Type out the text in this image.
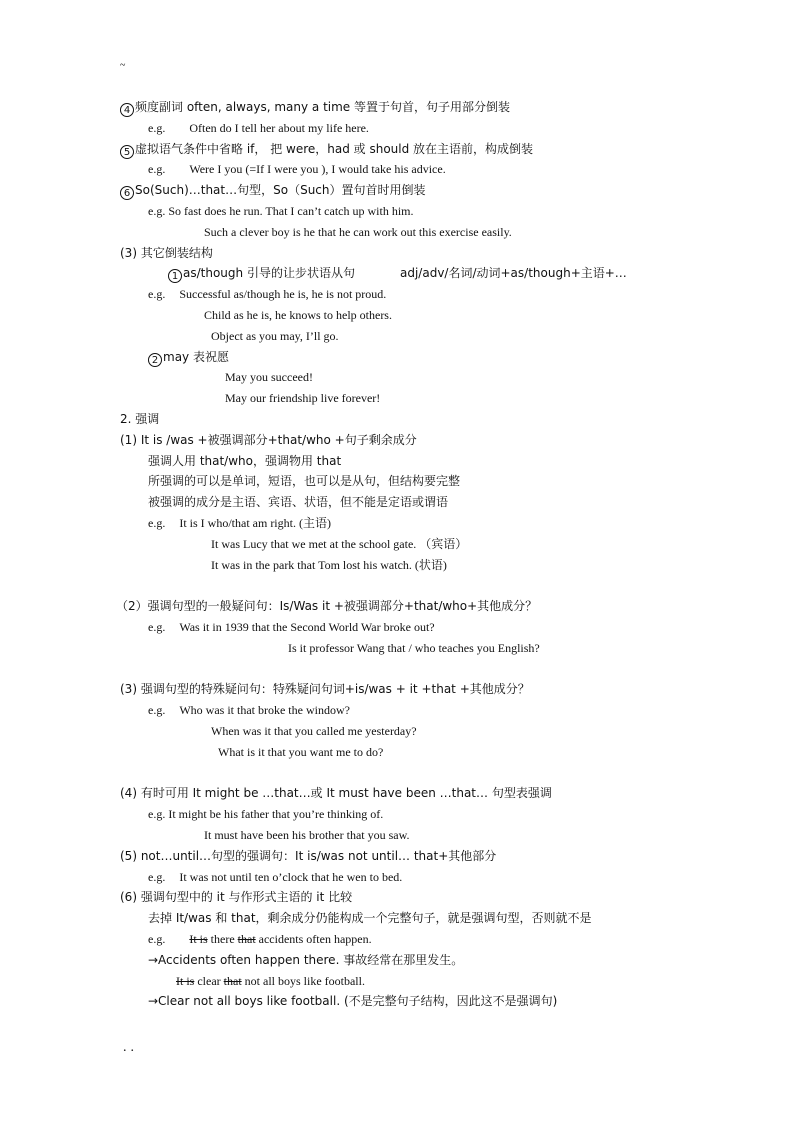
~
4 频度副词 often, always, many a time 等置于句首，句子用部分倒装
e.g. Often do I tell her about my life here.
5 虚拟语气条件中省略 if， 把 were，had 或 should 放在主语前，构成倒装
e.g. Were I you (=If I were you ), I would take his advice.
6 So(Such)…that…句型，So（Such）置句首时用倒装
e.g. So fast does he run. That I can’t catch up with him.
Such a clever boy is he that he can work out this exercise easily.
(3) 其它倒装结构
1 as/though 引导的让步状语从句	adj/adv/名词/动词+as/though+主语+…
e.g. Successful as/though he is, he is not proud.
Child as he is, he knows to help others.
Object as you may, I’ll go.
2 may 表祝愿
May you succeed!
May our friendship live forever!
2. 强调
(1) It is /was +被强调部分+that/who +句子剩余成分
强调人用 that/who，强调物用 that
所强调的可以是单词，短语，也可以是从句，但结构要完整
被强调的成分是主语、宾语、状语，但不能是定语或谓语
e.g. It is I who/that am right. (主语)
It was Lucy that we met at the school gate. （宾语）
It was in the park that Tom lost his watch. (状语)
（2）强调句型的一般疑问句：Is/Was it +被强调部分+that/who+其他成分？
e.g. Was it in 1939 that the Second World War broke out?
Is it professor Wang that / who teaches you English?
(3) 强调句型的特殊疑问句：特殊疑问句词+is/was + it +that +其他成分？
e.g. Who was it that broke the window?
When was it that you called me yesterday?
What is it that you want me to do?
(4) 有时可用 It might be …that…或 It must have been …that… 句型表强调
e.g. It might be his father that you’re thinking of.
It must have been his brother that you saw.
(5) not…until…句型的强调句：It is/was not until… that+其他部分
e.g. It was not until ten o’clock that he wen to bed.
(6) 强调句型中的 it 与作形式主语的 it 比较
去掉 It/was 和 that，剩余成分仍能构成一个完整句子，就是强调句型，否则就不是
e.g. It is there that accidents often happen.
→Accidents often happen there. 事故经常在那里发生。
It is clear that not all boys like football.
→Clear not all boys like football. (不是完整句子结构，因此这不是强调句)
..
